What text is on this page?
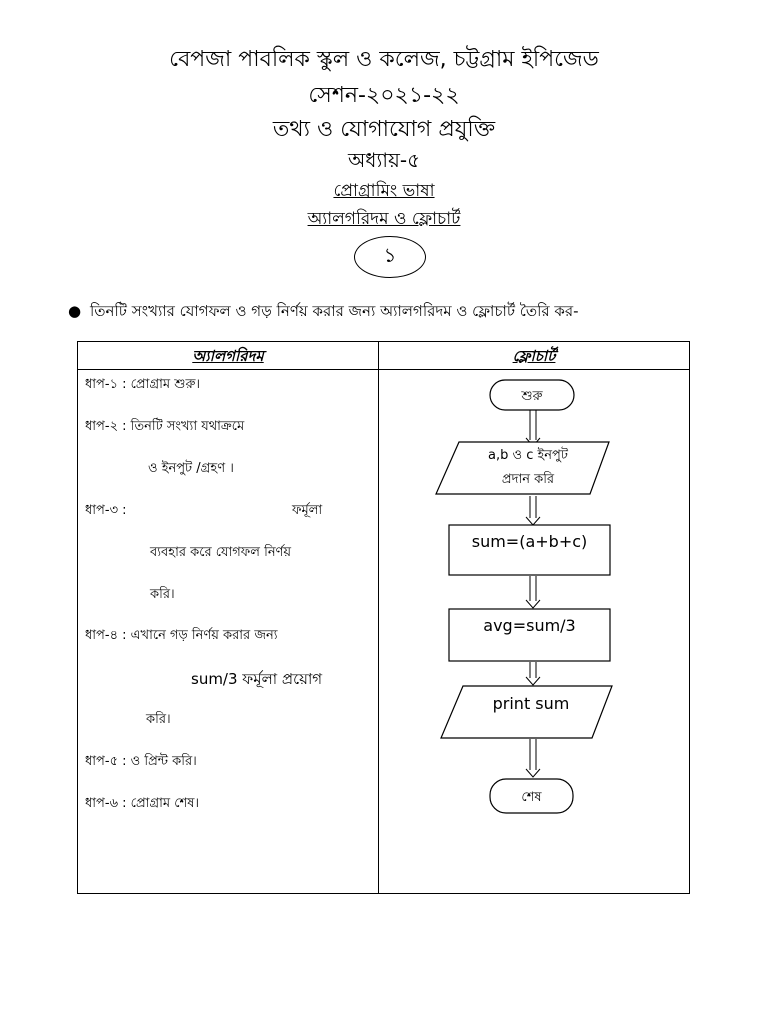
বেপজা পাবলিক স্কুল ও কলেজ, চট্টগ্রাম ইপিজেড
সেশন-২০২১-২২
তথ্য ও যোগাযোগ প্রযুক্তি
অধ্যায়-৫
প্রোগ্রামিং ভাষা
অ্যালগরিদম ও ফ্লোচার্ট
১
● তিনটি সংখ্যার যোগফল ও গড় নির্ণয় করার জন্য অ্যালগরিদম ও ফ্লোচার্ট তৈরি কর-
অ্যালগরিদম	ফ্লোচার্ট
ধাপ-১ : প্রোগ্রাম শুরু।
ধাপ-২ : তিনটি সংখ্যা যথাক্রমে
ও ইনপুট /গ্রহণ ।
ধাপ-৩ :	ফর্মূলা
ব্যবহার করে যোগফল নির্ণয়
করি।
ধাপ-৪ : এখানে গড় নির্ণয় করার জন্য
sum/3 ফর্মূলা প্রয়োগ
করি।
ধাপ-৫ : ও প্রিন্ট করি।
ধাপ-৬ : প্রোগ্রাম শেষ।
শুরু
a,b ও c ইনপুট
প্রদান করি
sum=(a+b+c)
avg=sum/3
print sum
শেষ
